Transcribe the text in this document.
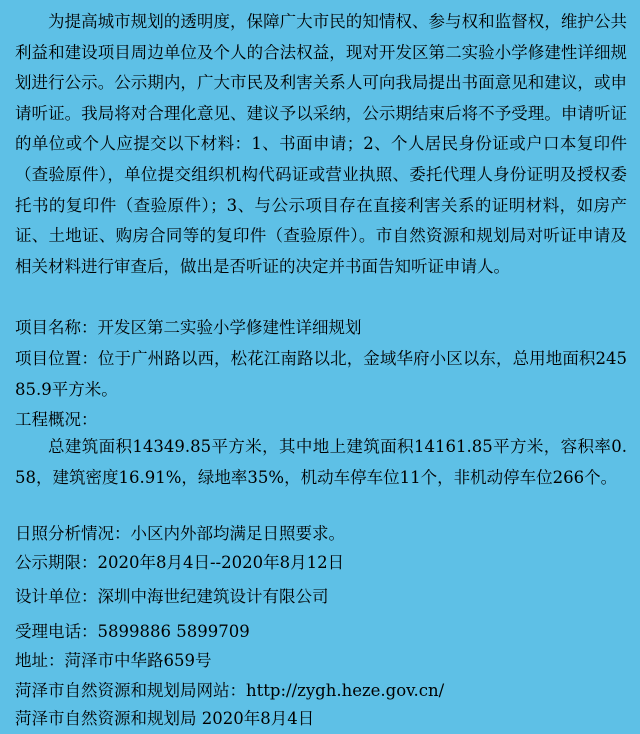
为提高城市规划的透明度，保障广大市民的知情权、参与权和监督权，维护公共利益和建设项目周边单位及个人的合法权益，现对开发区第二实验小学修建性详细规划进行公示。公示期内，广大市民及利害关系人可向我局提出书面意见和建议，或申请听证。我局将对合理化意见、建议予以采纳，公示期结束后将不予受理。申请听证的单位或个人应提交以下材料：1、书面申请；2、个人居民身份证或户口本复印件（查验原件），单位提交组织机构代码证或营业执照、委托代理人身份证明及授权委托书的复印件（查验原件）；3、与公示项目存在直接利害关系的证明材料，如房产证、土地证、购房合同等的复印件（查验原件）。市自然资源和规划局对听证申请及相关材料进行审查后，做出是否听证的决定并书面告知听证申请人。

项目名称：开发区第二实验小学修建性详细规划

项目位置：位于广州路以西，松花江南路以北，金域华府小区以东，总用地面积24585.9平方米。

工程概况：

总建筑面积14349.85平方米，其中地上建筑面积14161.85平方米，容积率0.58，建筑密度16.91%，绿地率35%，机动车停车位11个，非机动停车位266个。

日照分析情况：小区内外部均满足日照要求。

公示期限：2020年8月4日--2020年8月12日

设计单位：深圳中海世纪建筑设计有限公司

受理电话：5899886 5899709

地址：菏泽市中华路659号

菏泽市自然资源和规划局网站：http://zygh.heze.gov.cn/

菏泽市自然资源和规划局 2020年8月4日
